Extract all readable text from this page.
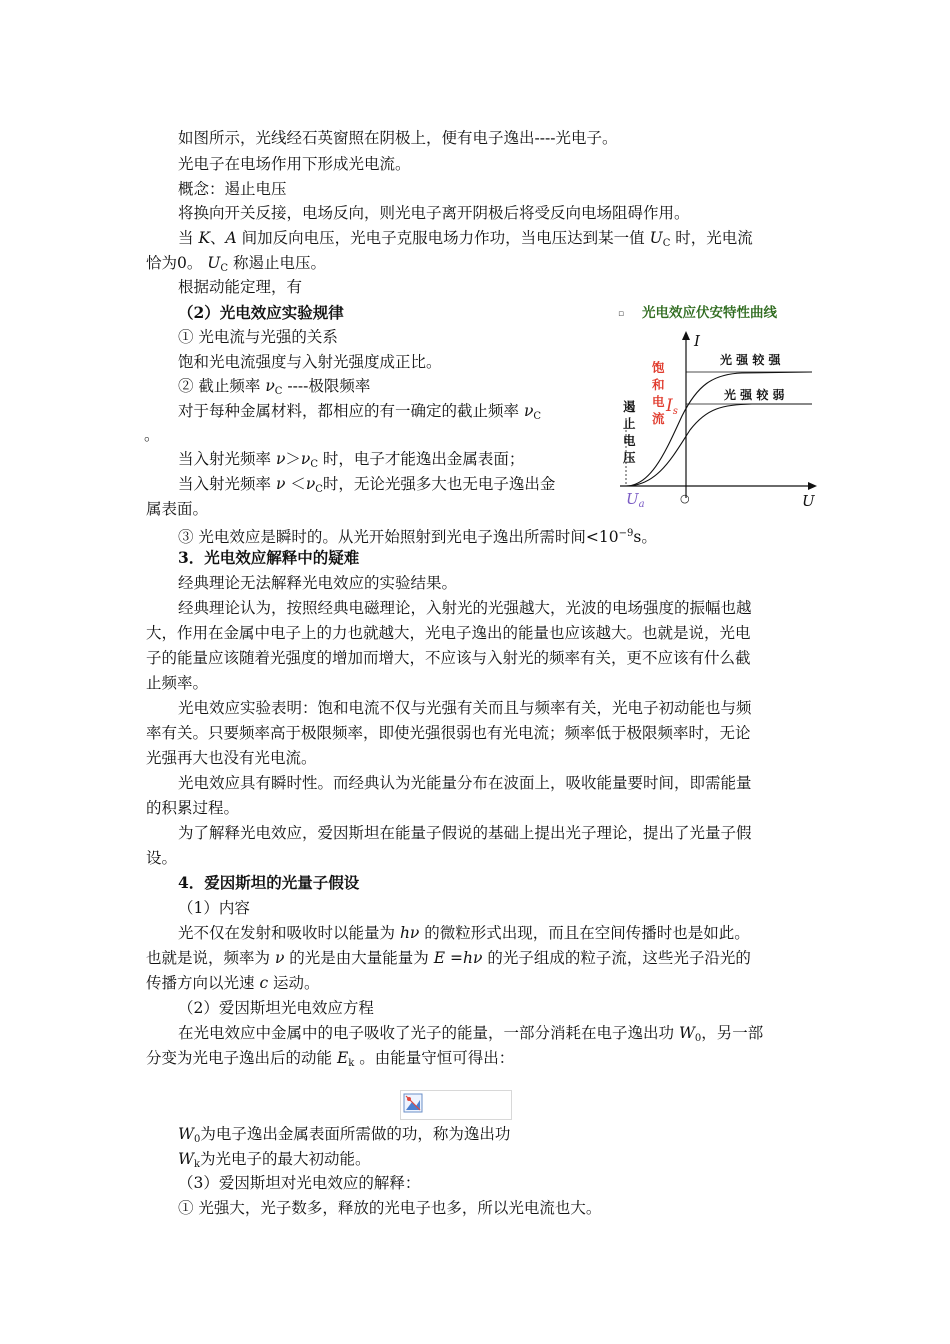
如图所示，光线经石英窗照在阴极上，便有电子逸出----光电子。
光电子在电场作用下形成光电流。
概念：遏止电压
将换向开关反接，电场反向，则光电子离开阴极后将受反向电场阻碍作用。
当 K、A 间加反向电压，光电子克服电场力作功，当电压达到某一值 $U_C$ 时，光电流
恰为0。 $U_C$ 称遏止电压。
根据动能定理，有
（2）光电效应实验规律
① 光电流与光强的关系
饱和光电流强度与入射光强度成正比。
② 截止频率 $\nu_C$ ----极限频率
对于每种金属材料，都相应的有一确定的截止频率 $\nu_C$
。
当入射光频率 $\nu>\nu_C$ 时，电子才能逸出金属表面；
当入射光频率 $\nu <\nu_C$时，无论光强多大也无电子逸出金
属表面。
③ 光电效应是瞬时的。从光开始照射到光电子逸出所需时间$<10^{-9}s$。
3．光电效应解释中的疑难
经典理论无法解释光电效应的实验结果。
经典理论认为，按照经典电磁理论，入射光的光强越大，光波的电场强度的振幅也越
大，作用在金属中电子上的力也就越大，光电子逸出的能量也应该越大。也就是说，光电
子的能量应该随着光强度的增加而增大，不应该与入射光的频率有关，更不应该有什么截
止频率。
光电效应实验表明：饱和电流不仅与光强有关而且与频率有关，光电子初动能也与频
率有关。只要频率高于极限频率，即使光强很弱也有光电流；频率低于极限频率时，无论
光强再大也没有光电流。
光电效应具有瞬时性。而经典认为光能量分布在波面上，吸收能量要时间，即需能量
的积累过程。
为了解释光电效应，爱因斯坦在能量子假说的基础上提出光子理论，提出了光量子假
设。
4．爱因斯坦的光量子假设
（1）内容
光不仅在发射和吸收时以能量为 hν 的微粒形式出现，而且在空间传播时也是如此。
也就是说，频率为 ν 的光是由大量能量为 E =hν 的光子组成的粒子流，这些光子沿光的
传播方向以光速 c 运动。
（2）爱因斯坦光电效应方程
在光电效应中金属中的电子吸收了光子的能量，一部分消耗在电子逸出功 $W_0$，另一部
分变为光电子逸出后的动能 $E_k$ 。由能量守恒可得出：
$W_0$为电子逸出金属表面所需做的功，称为逸出功
$W_k$为光电子的最大初动能。
（3）爱因斯坦对光电效应的解释：
① 光强大，光子数多，释放的光电子也多，所以光电流也大。
光电效应伏安特性曲线
▫
I
U
光 强 较 强
光 强 较 弱
饱
和
电
流
Is
遏
止
电
压
$U_a$	○
